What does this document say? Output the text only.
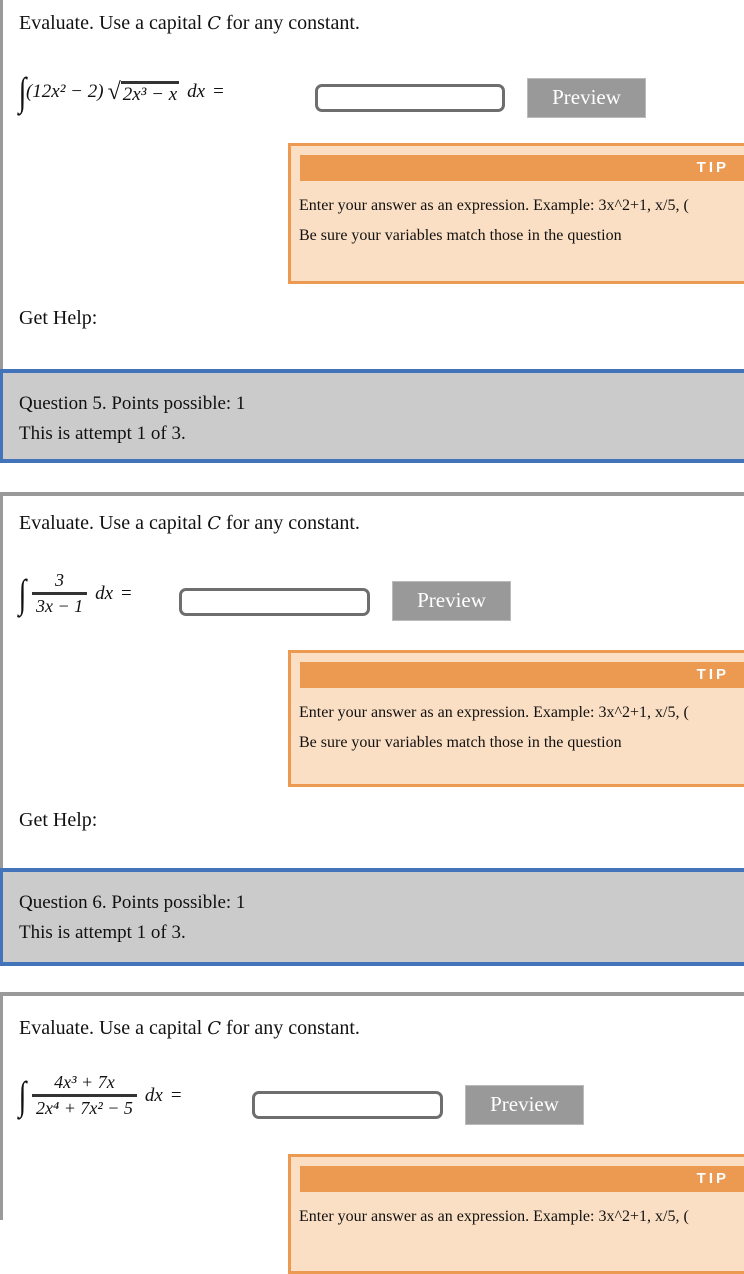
Evaluate. Use a capital C for any constant.
∫ (12x² − 2) √ 2x³ − x dx =	Preview
TIP
Enter your answer as an expression. Example: 3x^2+1, x/5, (
Be sure your variables match those in the question
Get Help:
Question 5. Points possible: 1
This is attempt 1 of 3.
Evaluate. Use a capital C for any constant.
∫ $\frac{3}{3x - 1}$ dx =	Preview
TIP
Enter your answer as an expression. Example: 3x^2+1, x/5, (
Be sure your variables match those in the question
Get Help:
Question 6. Points possible: 1
This is attempt 1 of 3.
Evaluate. Use a capital C for any constant.
∫ $\frac{\text{4x³ + 7x}}{\text{2x⁴ + 7x² − 5}}$ dx =	Preview
TIP
Enter your answer as an expression. Example: 3x^2+1, x/5, (
